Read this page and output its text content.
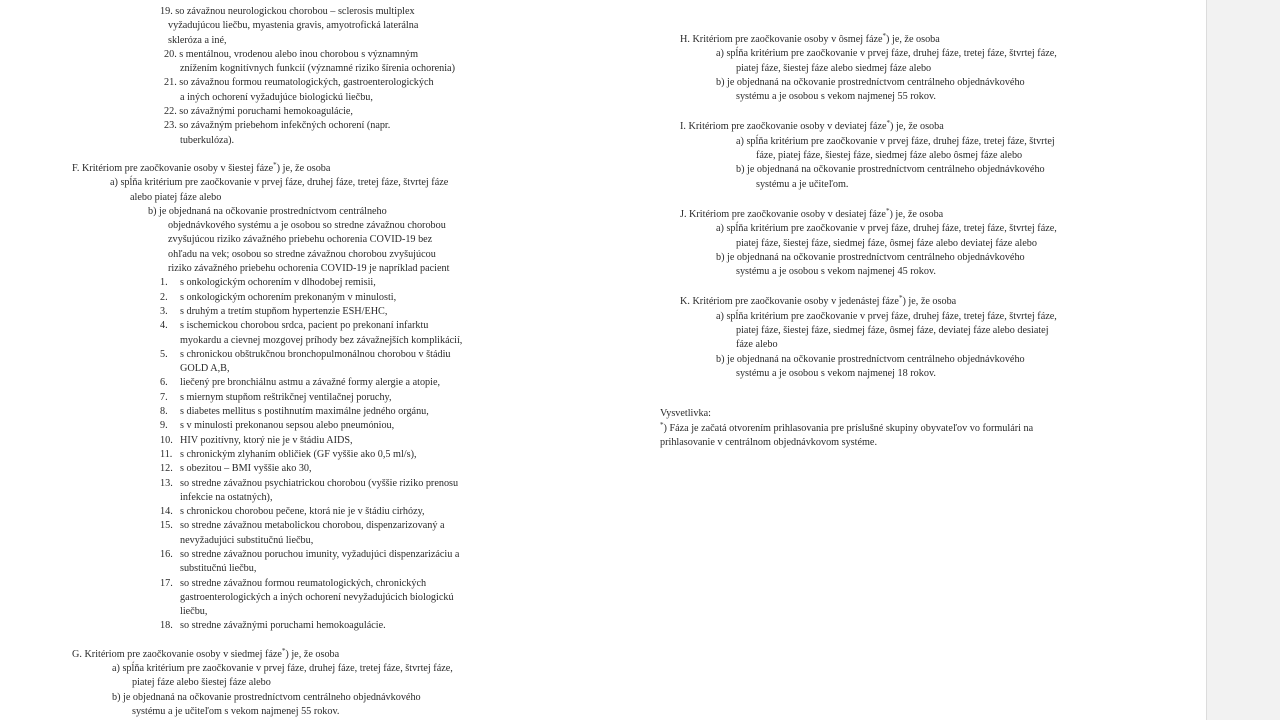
19. so závažnou neurologickou chorobou – sclerosis multiplex
vyžadujúcou liečbu, myastenia gravis, amyotrofická laterálna
skleróza a iné,
20. s mentálnou, vrodenou alebo inou chorobou s významným
znížením kognitívnych funkcií (významné riziko šírenia ochorenia)
21. so závažnou formou reumatologických, gastroenterologických
a iných ochorení vyžadujúce biologickú liečbu,
22. so závažnými poruchami hemokoagulácie,
23. so závažným priebehom infekčných ochorení (napr.
tuberkulóza).
F. Kritériom pre zaočkovanie osoby v šiestej fáze*) je, že osoba
a) spĺňa kritérium pre zaočkovanie v prvej fáze, druhej fáze, tretej fáze, štvrtej fáze
alebo piatej fáze alebo
b) je objednaná na očkovanie prostredníctvom centrálneho
objednávkového systému a je osobou so stredne závažnou chorobou
zvyšujúcou riziko závažného priebehu ochorenia COVID-19 bez
ohľadu na vek; osobou so stredne závažnou chorobou zvyšujúcou
riziko závažného priebehu ochorenia COVID-19 je napríklad pacient
1. s onkologickým ochorením v dlhodobej remisii,
2. s onkologickým ochorením prekonaným v minulosti,
3. s druhým a tretím stupňom hypertenzie ESH/EHC,
4. s ischemickou chorobou srdca, pacient po prekonaní infarktu
myokardu a cievnej mozgovej príhody bez závažnejších komplikácií,
5. s chronickou obštrukčnou bronchopulmonálnou chorobou v štádiu
GOLD A,B,
6. liečený pre bronchiálnu astmu a závažné formy alergie a atopie,
7. s miernym stupňom reštrikčnej ventilačnej poruchy,
8. s diabetes mellitus s postihnutím maximálne jedného orgánu,
9. s v minulosti prekonanou sepsou alebo pneumóniou,
10. HIV pozitívny, ktorý nie je v štádiu AIDS,
11. s chronickým zlyhaním obličiek (GF vyššie ako 0,5 ml/s),
12. s obezitou – BMI vyššie ako 30,
13. so stredne závažnou psychiatrickou chorobou (vyššie riziko prenosu
infekcie na ostatných),
14. s chronickou chorobou pečene, ktorá nie je v štádiu cirhózy,
15. so stredne závažnou metabolickou chorobou, dispenzarizovaný a
nevyžadujúci substitučnú liečbu,
16. so stredne závažnou poruchou imunity, vyžadujúci dispenzarizáciu a
substitučnú liečbu,
17. so stredne závažnou formou reumatologických, chronických
gastroenterologických a iných ochorení nevyžadujúcich biologickú
liečbu,
18. so stredne závažnými poruchami hemokoagulácie.
G. Kritériom pre zaočkovanie osoby v siedmej fáze*) je, že osoba
a) spĺňa kritérium pre zaočkovanie v prvej fáze, druhej fáze, tretej fáze, štvrtej fáze,
piatej fáze alebo šiestej fáze alebo
b) je objednaná na očkovanie prostredníctvom centrálneho objednávkového
systému a je učiteľom s vekom najmenej 55 rokov.
H. Kritériom pre zaočkovanie osoby v ôsmej fáze*) je, že osoba
a) spĺňa kritérium pre zaočkovanie v prvej fáze, druhej fáze, tretej fáze, štvrtej fáze,
piatej fáze, šiestej fáze alebo siedmej fáze alebo
b) je objednaná na očkovanie prostredníctvom centrálneho objednávkového
systému a je osobou s vekom najmenej 55 rokov.
I. Kritériom pre zaočkovanie osoby v deviatej fáze*) je, že osoba
a) spĺňa kritérium pre zaočkovanie v prvej fáze, druhej fáze, tretej fáze, štvrtej
fáze, piatej fáze, šiestej fáze, siedmej fáze alebo ôsmej fáze alebo
b) je objednaná na očkovanie prostredníctvom centrálneho objednávkového
systému a je učiteľom.
J. Kritériom pre zaočkovanie osoby v desiatej fáze*) je, že osoba
a) spĺňa kritérium pre zaočkovanie v prvej fáze, druhej fáze, tretej fáze, štvrtej fáze,
piatej fáze, šiestej fáze, siedmej fáze, ôsmej fáze alebo deviatej fáze alebo
b) je objednaná na očkovanie prostredníctvom centrálneho objednávkového
systému a je osobou s vekom najmenej 45 rokov.
K. Kritériom pre zaočkovanie osoby v jedenástej fáze*) je, že osoba
a) spĺňa kritérium pre zaočkovanie v prvej fáze, druhej fáze, tretej fáze, štvrtej fáze,
piatej fáze, šiestej fáze, siedmej fáze, ôsmej fáze, deviatej fáze alebo desiatej
fáze alebo
b) je objednaná na očkovanie prostredníctvom centrálneho objednávkového
systému a je osobou s vekom najmenej 18 rokov.
Vysvetlivka:
*) Fáza je začatá otvorením prihlasovania pre príslušné skupiny obyvateľov vo formulári na
prihlasovanie v centrálnom objednávkovom systéme.
